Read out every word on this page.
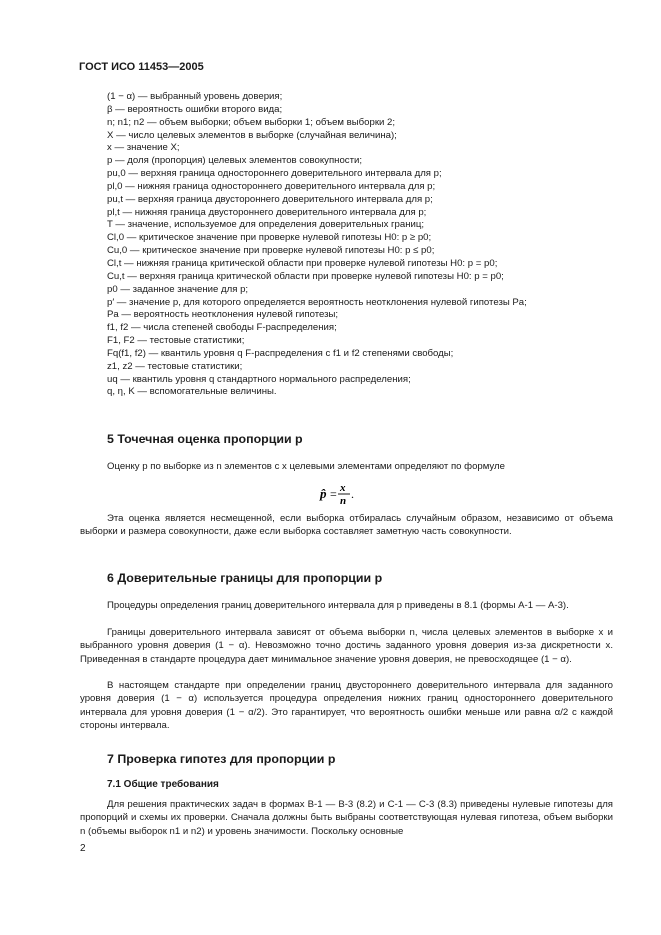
ГОСТ ИСО 11453—2005
(1 − α) — выбранный уровень доверия;
β — вероятность ошибки второго вида;
n; n1; n2 — объем выборки; объем выборки 1; объем выборки 2;
X — число целевых элементов в выборке (случайная величина);
x — значение X;
p — доля (пропорция) целевых элементов совокупности;
pu,0 — верхняя граница одностороннего доверительного интервала для p;
pl,0 — нижняя граница одностороннего доверительного интервала для p;
pu,t — верхняя граница двустороннего доверительного интервала для p;
pl,t — нижняя граница двустороннего доверительного интервала для p;
T — значение, используемое для определения доверительных границ;
Cl,0 — критическое значение при проверке нулевой гипотезы H0: p ≥ p0;
Cu,0 — критическое значение при проверке нулевой гипотезы H0: p ≤ p0;
Cl,t — нижняя граница критической области при проверке нулевой гипотезы H0: p = p0;
Cu,t — верхняя граница критической области при проверке нулевой гипотезы H0: p = p0;
p0 — заданное значение для p;
p′ — значение p, для которого определяется вероятность неотклонения нулевой гипотезы Pa;
Pa — вероятность неотклонения нулевой гипотезы;
f1, f2 — числа степеней свободы F-распределения;
F1, F2 — тестовые статистики;
Fq(f1, f2) — квантиль уровня q F-распределения с f1 и f2 степенями свободы;
z1, z2 — тестовые статистики;
uq — квантиль уровня q стандартного нормального распределения;
q, η, K — вспомогательные величины.
5 Точечная оценка пропорции p
Оценку p по выборке из n элементов с x целевыми элементами определяют по формуле
p̂ = x
n .
Эта оценка является несмещенной, если выборка отбиралась случайным образом, независимо от объема выборки и размера совокупности, даже если выборка составляет заметную часть совокупности.
6 Доверительные границы для пропорции p
Процедуры определения границ доверительного интервала для p приведены в 8.1 (формы А-1 — А-3).
Границы доверительного интервала зависят от объема выборки n, числа целевых элементов в выборке x и выбранного уровня доверия (1 − α). Невозможно точно достичь заданного уровня доверия из-за дискретности x. Приведенная в стандарте процедура дает минимальное значение уровня доверия, не превосходящее (1 − α).
В настоящем стандарте при определении границ двустороннего доверительного интервала для заданного уровня доверия (1 − α) используется процедура определения нижних границ одностороннего доверительного интервала для уровня доверия (1 − α/2). Это гарантирует, что вероятность ошибки меньше или равна α/2 с каждой стороны интервала.
7 Проверка гипотез для пропорции p
7.1 Общие требования
Для решения практических задач в формах В-1 — В-3 (8.2) и С-1 — С-3 (8.3) приведены нулевые гипотезы для пропорций и схемы их проверки. Сначала должны быть выбраны соответствующая нулевая гипотеза, объем выборки n (объемы выборок n1 и n2) и уровень значимости. Поскольку основные
2
